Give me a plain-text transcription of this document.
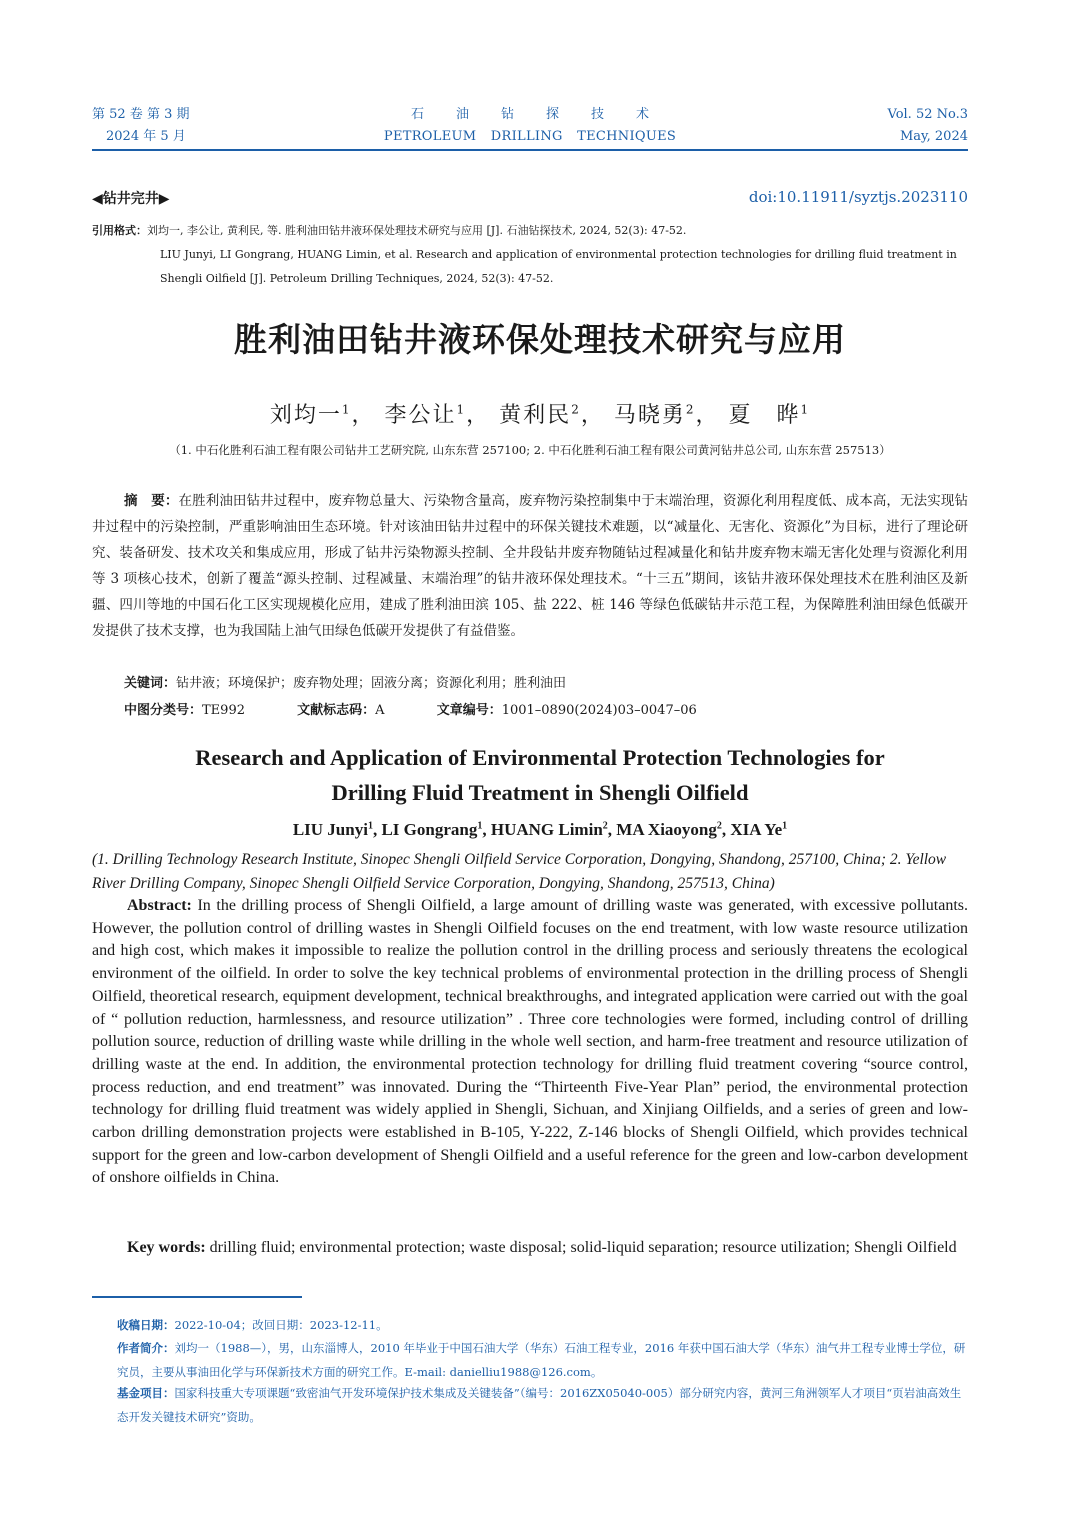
第 52 卷 第 3 期
2024 年 5 月
石油钻探技术
PETROLEUM DRILLING TECHNIQUES
Vol. 52 No.3
May, 2024
◀钻井完井▶	doi:10.11911/syztjs.2023110
引用格式：刘均一, 李公让, 黄利民, 等. 胜利油田钻井液环保处理技术研究与应用 [J]. 石油钻探技术, 2024, 52(3): 47-52.
LIU Junyi, LI Gongrang, HUANG Limin, et al. Research and application of environmental protection technologies for drilling fluid treatment in Shengli Oilfield [J]. Petroleum Drilling Techniques, 2024, 52(3): 47-52.
胜利油田钻井液环保处理技术研究与应用
刘均一$^1$， 李公让$^1$， 黄利民$^2$， 马晓勇$^2$， 夏　晔$^1$
（1. 中石化胜利石油工程有限公司钻井工艺研究院, 山东东营 257100; 2. 中石化胜利石油工程有限公司黄河钻井总公司, 山东东营 257513）
摘　要：在胜利油田钻井过程中，废弃物总量大、污染物含量高，废弃物污染控制集中于末端治理，资源化利用程度低、成本高，无法实现钻井过程中的污染控制，严重影响油田生态环境。针对该油田钻井过程中的环保关键技术难题，以“减量化、无害化、资源化”为目标，进行了理论研究、装备研发、技术攻关和集成应用，形成了钻井污染物源头控制、全井段钻井废弃物随钻过程减量化和钻井废弃物末端无害化处理与资源化利用等 3 项核心技术，创新了覆盖“源头控制、过程减量、末端治理”的钻井液环保处理技术。“十三五”期间，该钻井液环保处理技术在胜利油区及新疆、四川等地的中国石化工区实现规模化应用，建成了胜利油田滨 105、盐 222、桩 146 等绿色低碳钻井示范工程，为保障胜利油田绿色低碳开发提供了技术支撑，也为我国陆上油气田绿色低碳开发提供了有益借鉴。
关键词：钻井液；环境保护；废弃物处理；固液分离；资源化利用；胜利油田
中图分类号：TE992	文献标志码：A	文章编号：1001–0890(2024)03–0047–06
Research and Application of Environmental Protection Technologies for
Drilling Fluid Treatment in Shengli Oilfield
LIU Junyi$^1$, LI Gongrang$^1$, HUANG Limin$^2$, MA Xiaoyong$^2$, XIA Ye$^1$
(1. Drilling Technology Research Institute, Sinopec Shengli Oilfield Service Corporation, Dongying, Shandong, 257100, China; 2. Yellow River Drilling Company, Sinopec Shengli Oilfield Service Corporation, Dongying, Shandong, 257513, China)
Abstract: In the drilling process of Shengli Oilfield, a large amount of drilling waste was generated, with excessive pollutants. However, the pollution control of drilling wastes in Shengli Oilfield focuses on the end treatment, with low waste resource utilization and high cost, which makes it impossible to realize the pollution control in the drilling process and seriously threatens the ecological environment of the oilfield. In order to solve the key technical problems of environmental protection in the drilling process of Shengli Oilfield, theoretical research, equipment development, technical breakthroughs, and integrated application were carried out with the goal of “ pollution reduction, harmlessness, and resource utilization” . Three core technologies were formed, including control of drilling pollution source, reduction of drilling waste while drilling in the whole well section, and harm-free treatment and resource utilization of drilling waste at the end. In addition, the environmental protection technology for drilling fluid treatment covering “source control, process reduction, and end treatment” was innovated. During the “Thirteenth Five-Year Plan” period, the environmental protection technology for drilling fluid treatment was widely applied in Shengli, Sichuan, and Xinjiang Oilfields, and a series of green and low-carbon drilling demonstration projects were established in B-105, Y-222, Z-146 blocks of Shengli Oilfield, which provides technical support for the green and low-carbon development of Shengli Oilfield and a useful reference for the green and low-carbon development of onshore oilfields in China.
Key words: drilling fluid; environmental protection; waste disposal; solid-liquid separation; resource utilization; Shengli Oilfield
收稿日期：2022-10-04；改回日期：2023-12-11。
作者简介：刘均一（1988—），男，山东淄博人，2010 年毕业于中国石油大学（华东）石油工程专业，2016 年获中国石油大学（华东）油气井工程专业博士学位，研究员，主要从事油田化学与环保新技术方面的研究工作。E-mail: danielliu1988@126.com。
基金项目：国家科技重大专项课题“致密油气开发环境保护技术集成及关键装备”（编号：2016ZX05040-005）部分研究内容，黄河三角洲领军人才项目“页岩油高效生态开发关键技术研究”资助。
